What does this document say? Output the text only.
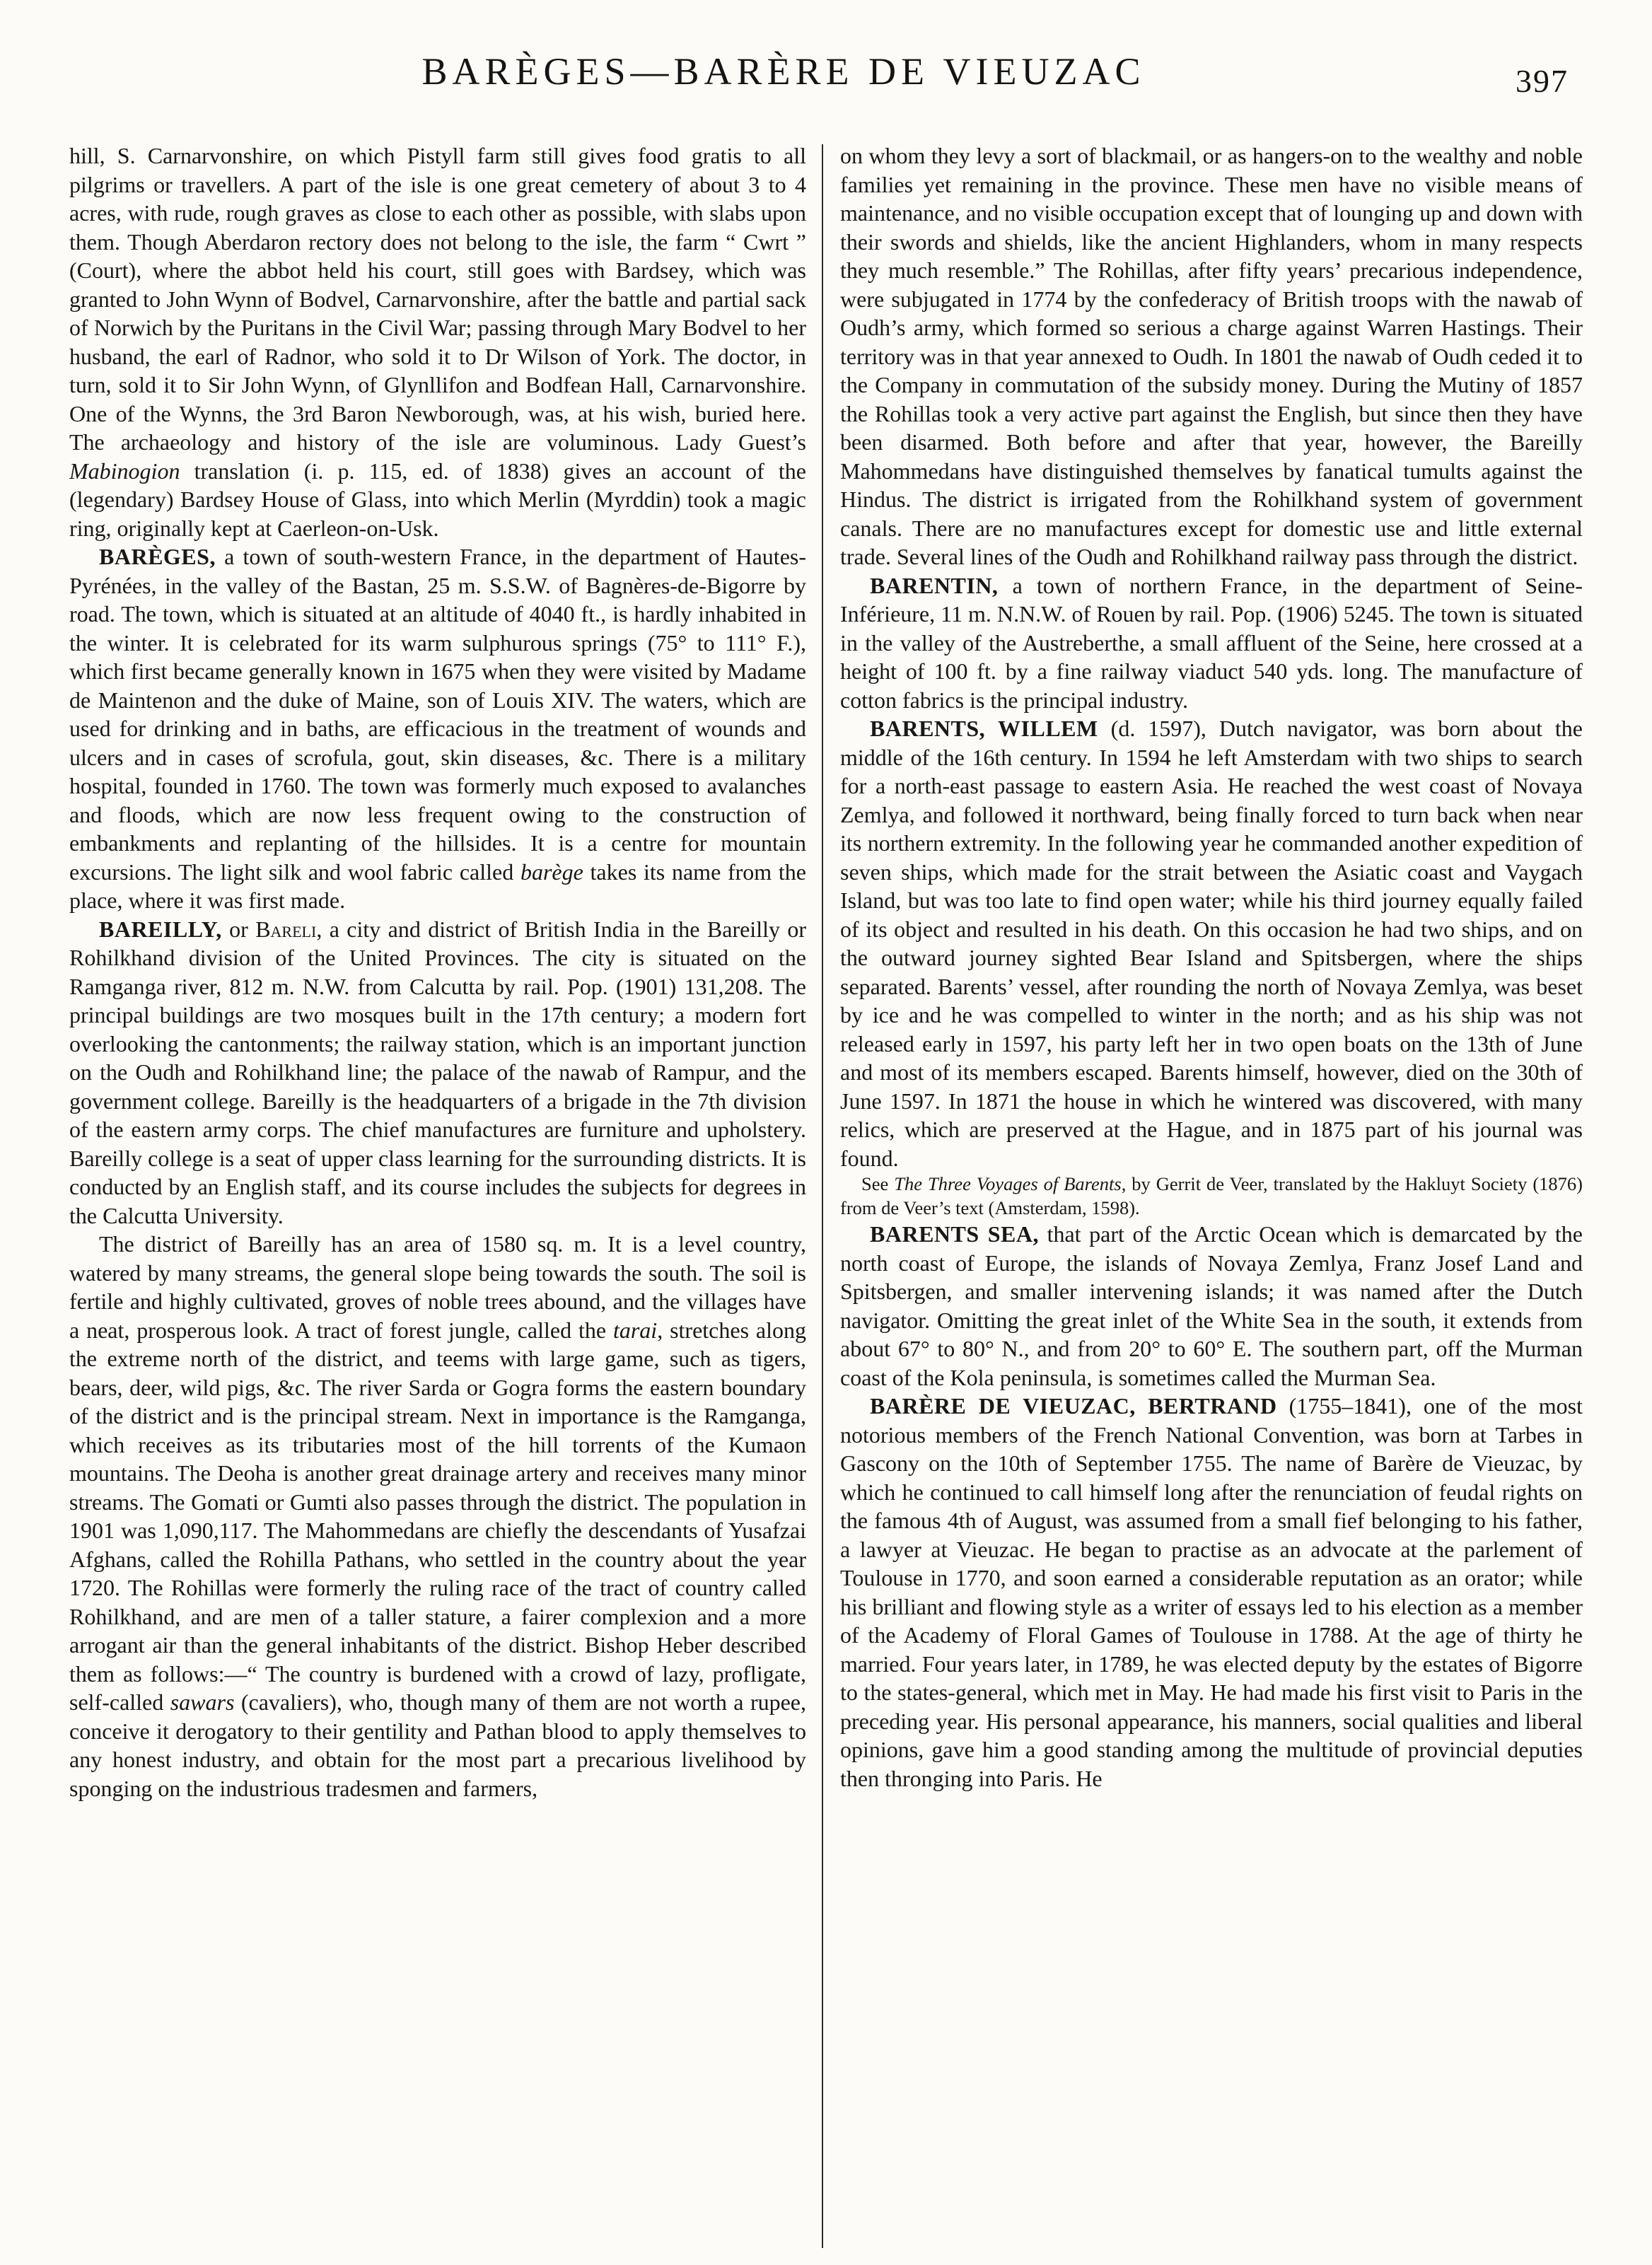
BARÈGES—BARÈRE DE VIEUZAC	397

hill, S. Carnarvonshire, on which Pistyll farm still gives food gratis to all pilgrims or travellers. A part of the isle is one great cemetery of about 3 to 4 acres, with rude, rough graves as close to each other as possible, with slabs upon them. Though Aberdaron rectory does not belong to the isle, the farm “ Cwrt ” (Court), where the abbot held his court, still goes with Bardsey, which was granted to John Wynn of Bodvel, Carnarvonshire, after the battle and partial sack of Norwich by the Puritans in the Civil War; passing through Mary Bodvel to her husband, the earl of Radnor, who sold it to Dr Wilson of York. The doctor, in turn, sold it to Sir John Wynn, of Glynllifon and Bodfean Hall, Carnarvonshire. One of the Wynns, the 3rd Baron Newborough, was, at his wish, buried here. The archaeology and history of the isle are voluminous. Lady Guest’s Mabinogion translation (i. p. 115, ed. of 1838) gives an account of the (legendary) Bardsey House of Glass, into which Merlin (Myrddin) took a magic ring, originally kept at Caerleon-on-Usk.

BARÈGES, a town of south-western France, in the department of Hautes-Pyrénées, in the valley of the Bastan, 25 m. S.S.W. of Bagnères-de-Bigorre by road. The town, which is situated at an altitude of 4040 ft., is hardly inhabited in the winter. It is celebrated for its warm sulphurous springs (75° to 111° F.), which first became generally known in 1675 when they were visited by Madame de Maintenon and the duke of Maine, son of Louis XIV. The waters, which are used for drinking and in baths, are efficacious in the treatment of wounds and ulcers and in cases of scrofula, gout, skin diseases, &c. There is a military hospital, founded in 1760. The town was formerly much exposed to avalanches and floods, which are now less frequent owing to the construction of embankments and replanting of the hillsides. It is a centre for mountain excursions. The light silk and wool fabric called barège takes its name from the place, where it was first made.

BAREILLY, or Bareli, a city and district of British India in the Bareilly or Rohilkhand division of the United Provinces. The city is situated on the Ramganga river, 812 m. N.W. from Calcutta by rail. Pop. (1901) 131,208. The principal buildings are two mosques built in the 17th century; a modern fort overlooking the cantonments; the railway station, which is an important junction on the Oudh and Rohilkhand line; the palace of the nawab of Rampur, and the government college. Bareilly is the headquarters of a brigade in the 7th division of the eastern army corps. The chief manufactures are furniture and upholstery. Bareilly college is a seat of upper class learning for the surrounding districts. It is conducted by an English staff, and its course includes the subjects for degrees in the Calcutta University.

The district of Bareilly has an area of 1580 sq. m. It is a level country, watered by many streams, the general slope being towards the south. The soil is fertile and highly cultivated, groves of noble trees abound, and the villages have a neat, prosperous look. A tract of forest jungle, called the tarai, stretches along the extreme north of the district, and teems with large game, such as tigers, bears, deer, wild pigs, &c. The river Sarda or Gogra forms the eastern boundary of the district and is the principal stream. Next in importance is the Ramganga, which receives as its tributaries most of the hill torrents of the Kumaon mountains. The Deoha is another great drainage artery and receives many minor streams. The Gomati or Gumti also passes through the district. The population in 1901 was 1,090,117. The Mahommedans are chiefly the descendants of Yusafzai Afghans, called the Rohilla Pathans, who settled in the country about the year 1720. The Rohillas were formerly the ruling race of the tract of country called Rohilkhand, and are men of a taller stature, a fairer complexion and a more arrogant air than the general inhabitants of the district. Bishop Heber described them as follows:—“ The country is burdened with a crowd of lazy, profligate, self-called sawars (cavaliers), who, though many of them are not worth a rupee, conceive it derogatory to their gentility and Pathan blood to apply themselves to any honest industry, and obtain for the most part a precarious livelihood by sponging on the industrious tradesmen and farmers,

on whom they levy a sort of blackmail, or as hangers-on to the wealthy and noble families yet remaining in the province. These men have no visible means of maintenance, and no visible occupation except that of lounging up and down with their swords and shields, like the ancient Highlanders, whom in many respects they much resemble.” The Rohillas, after fifty years’ precarious independence, were subjugated in 1774 by the confederacy of British troops with the nawab of Oudh’s army, which formed so serious a charge against Warren Hastings. Their territory was in that year annexed to Oudh. In 1801 the nawab of Oudh ceded it to the Company in commutation of the subsidy money. During the Mutiny of 1857 the Rohillas took a very active part against the English, but since then they have been disarmed. Both before and after that year, however, the Bareilly Mahommedans have distinguished themselves by fanatical tumults against the Hindus. The district is irrigated from the Rohilkhand system of government canals. There are no manufactures except for domestic use and little external trade. Several lines of the Oudh and Rohilkhand railway pass through the district.

BARENTIN, a town of northern France, in the department of Seine-Inférieure, 11 m. N.N.W. of Rouen by rail. Pop. (1906) 5245. The town is situated in the valley of the Austreberthe, a small affluent of the Seine, here crossed at a height of 100 ft. by a fine railway viaduct 540 yds. long. The manufacture of cotton fabrics is the principal industry.

BARENTS, WILLEM (d. 1597), Dutch navigator, was born about the middle of the 16th century. In 1594 he left Amsterdam with two ships to search for a north-east passage to eastern Asia. He reached the west coast of Novaya Zemlya, and followed it northward, being finally forced to turn back when near its northern extremity. In the following year he commanded another expedition of seven ships, which made for the strait between the Asiatic coast and Vaygach Island, but was too late to find open water; while his third journey equally failed of its object and resulted in his death. On this occasion he had two ships, and on the outward journey sighted Bear Island and Spitsbergen, where the ships separated. Barents’ vessel, after rounding the north of Novaya Zemlya, was beset by ice and he was compelled to winter in the north; and as his ship was not released early in 1597, his party left her in two open boats on the 13th of June and most of its members escaped. Barents himself, however, died on the 30th of June 1597. In 1871 the house in which he wintered was discovered, with many relics, which are preserved at the Hague, and in 1875 part of his journal was found.

See The Three Voyages of Barents, by Gerrit de Veer, translated by the Hakluyt Society (1876) from de Veer’s text (Amsterdam, 1598).

BARENTS SEA, that part of the Arctic Ocean which is demarcated by the north coast of Europe, the islands of Novaya Zemlya, Franz Josef Land and Spitsbergen, and smaller intervening islands; it was named after the Dutch navigator. Omitting the great inlet of the White Sea in the south, it extends from about 67° to 80° N., and from 20° to 60° E. The southern part, off the Murman coast of the Kola peninsula, is sometimes called the Murman Sea.

BARÈRE DE VIEUZAC, BERTRAND (1755–1841), one of the most notorious members of the French National Convention, was born at Tarbes in Gascony on the 10th of September 1755. The name of Barère de Vieuzac, by which he continued to call himself long after the renunciation of feudal rights on the famous 4th of August, was assumed from a small fief belonging to his father, a lawyer at Vieuzac. He began to practise as an advocate at the parlement of Toulouse in 1770, and soon earned a considerable reputation as an orator; while his brilliant and flowing style as a writer of essays led to his election as a member of the Academy of Floral Games of Toulouse in 1788. At the age of thirty he married. Four years later, in 1789, he was elected deputy by the estates of Bigorre to the states-general, which met in May. He had made his first visit to Paris in the preceding year. His personal appearance, his manners, social qualities and liberal opinions, gave him a good standing among the multitude of provincial deputies then thronging into Paris. He
